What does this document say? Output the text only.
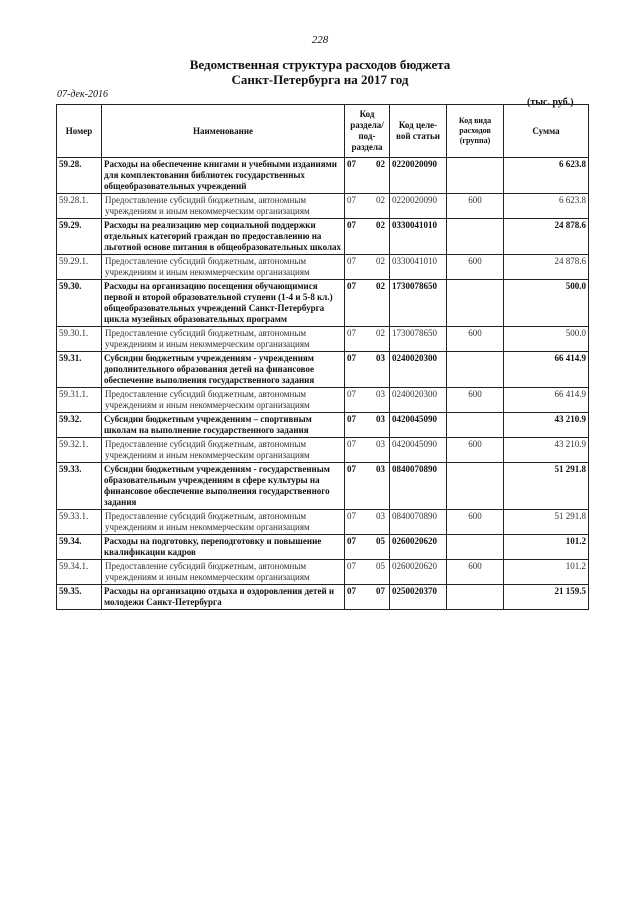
228
Ведомственная структура расходов бюджета
Санкт-Петербурга на 2017 год
07-дек-2016
(тыс. руб.)
Номер	Наименование	Код раздела/ под- раздела	Код целе- вой статьи	Код вида расходов (группа)	Сумма
59.28.	Расходы на обеспечение книгами и учебными изданиями для комплектования библиотек государственных общеобразовательных учреждений	07 02	0220020090		6 623.8
59.28.1.	Предоставление субсидий бюджетным, автономным учреждениям и иным некоммерческим организациям	07 02	0220020090	600	6 623.8
59.29.	Расходы на реализацию мер социальной поддержки отдельных категорий граждан по предоставлению на льготной основе питания в общеобразовательных школах	07 02	0330041010		24 878.6
59.29.1.	Предоставление субсидий бюджетным, автономным учреждениям и иным некоммерческим организациям	07 02	0330041010	600	24 878.6
59.30.	Расходы на организацию посещения обучающимися первой и второй образовательной ступени (1-4 и 5-8 кл.) общеобразовательных учреждений Санкт-Петербурга цикла музейных образовательных программ	07 02	1730078650		500.0
59.30.1.	Предоставление субсидий бюджетным, автономным учреждениям и иным некоммерческим организациям	07 02	1730078650	600	500.0
59.31.	Субсидии бюджетным учреждениям - учреждениям дополнительного образования детей на финансовое обеспечение выполнения государственного задания	07 03	0240020300		66 414.9
59.31.1.	Предоставление субсидий бюджетным, автономным учреждениям и иным некоммерческим организациям	07 03	0240020300	600	66 414.9
59.32.	Субсидии бюджетным учреждениям – спортивным школам на выполнение государственного задания	07 03	0420045090		43 210.9
59.32.1.	Предоставление субсидий бюджетным, автономным учреждениям и иным некоммерческим организациям	07 03	0420045090	600	43 210.9
59.33.	Субсидии бюджетным учреждениям - государственным образовательным учреждениям в сфере культуры на финансовое обеспечение выполнения государственного задания	07 03	0840070890		51 291.8
59.33.1.	Предоставление субсидий бюджетным, автономным учреждениям и иным некоммерческим организациям	07 03	0840070890	600	51 291.8
59.34.	Расходы на подготовку, переподготовку и повышение квалификации кадров	07 05	0260020620		101.2
59.34.1.	Предоставление субсидий бюджетным, автономным учреждениям и иным некоммерческим организациям	07 05	0260020620	600	101.2
59.35.	Расходы на организацию отдыха и оздоровления детей и молодежи Санкт-Петербурга	07 07	0250020370		21 159.5
